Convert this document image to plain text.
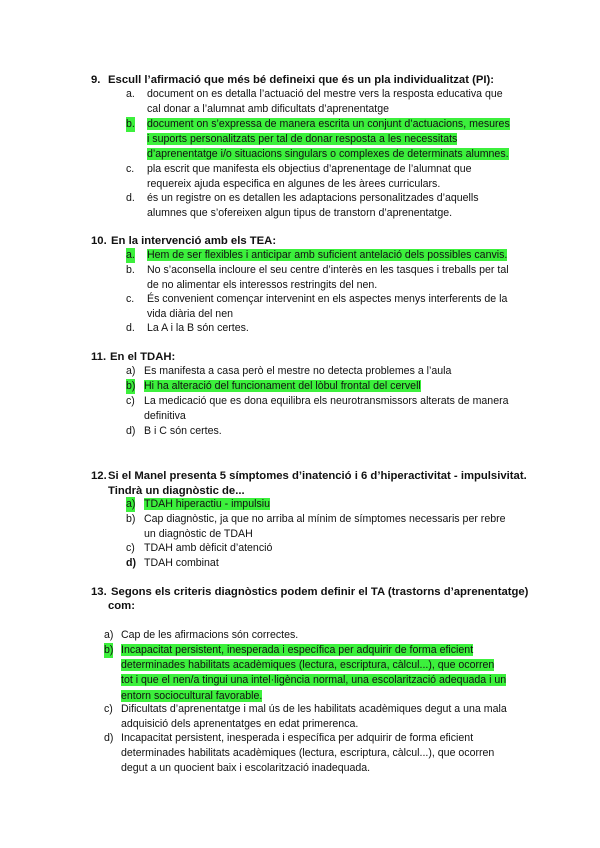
9. Escull l’afirmació que més bé defineixi que és un pla individualitzat (PI):
a. document on es detalla l’actuació del mestre vers la resposta educativa que
cal donar a l’alumnat amb dificultats d’aprenentatge
b. document on s’expressa de manera escrita un conjunt d’actuacions, mesures
i suports personalitzats per tal de donar resposta a les necessitats
d’aprenentatge i/o situacions singulars o complexes de determinats alumnes.
c. pla escrit que manifesta els objectius d’aprenentage de l’alumnat que
requereix ajuda especifica en algunes de les àrees curriculars.
d. és un registre on es detallen les adaptacions personalitzades d’aquells
alumnes que s’ofereixen algun tipus de transtorn d’aprenentatge.
10. En la intervenció amb els TEA:
a. Hem de ser flexibles i anticipar amb suficient antelació dels possibles canvis.
b. No s’aconsella incloure el seu centre d’interès en les tasques i treballs per tal
de no alimentar els interessos restringits del nen.
c. És convenient començar intervenint en els aspectes menys interferents de la
vida diària del nen
d. La A i la B són certes.
11. En el TDAH:
a) Es manifesta a casa però el mestre no detecta problemes a l’aula
b) Hi ha alteració del funcionament del lòbul frontal del cervell
c) La medicació que es dona equilibra els neurotransmissors alterats de manera
definitiva
d) B i C són certes.
12.Si el Manel presenta 5 símptomes d’inatenció i 6 d’hiperactivitat - impulsivitat.
Tindrà un diagnòstic de...
a) TDAH hiperactiu - impulsiu
b) Cap diagnòstic, ja que no arriba al mínim de símptomes necessaris per rebre
un diagnòstic de TDAH
c) TDAH amb dèficit d’atenció
d) TDAH combinat
13. Segons els criteris diagnòstics podem definir el TA (trastorns d’aprenentatge)
com:
a) Cap de les afirmacions són correctes.
b) Incapacitat persistent, inesperada i específica per adquirir de forma eficient
determinades habilitats acadèmiques (lectura, escriptura, càlcul...), que ocorren
tot i que el nen/a tingui una intel·ligència normal, una escolarització adequada i un
entorn sociocultural favorable.
c) Dificultats d’aprenentatge i mal ús de les habilitats acadèmiques degut a una mala
adquisició dels aprenentatges en edat primerenca.
d) Incapacitat persistent, inesperada i específica per adquirir de forma eficient
determinades habilitats acadèmiques (lectura, escriptura, càlcul...), que ocorren
degut a un quocient baix i escolarització inadequada.
